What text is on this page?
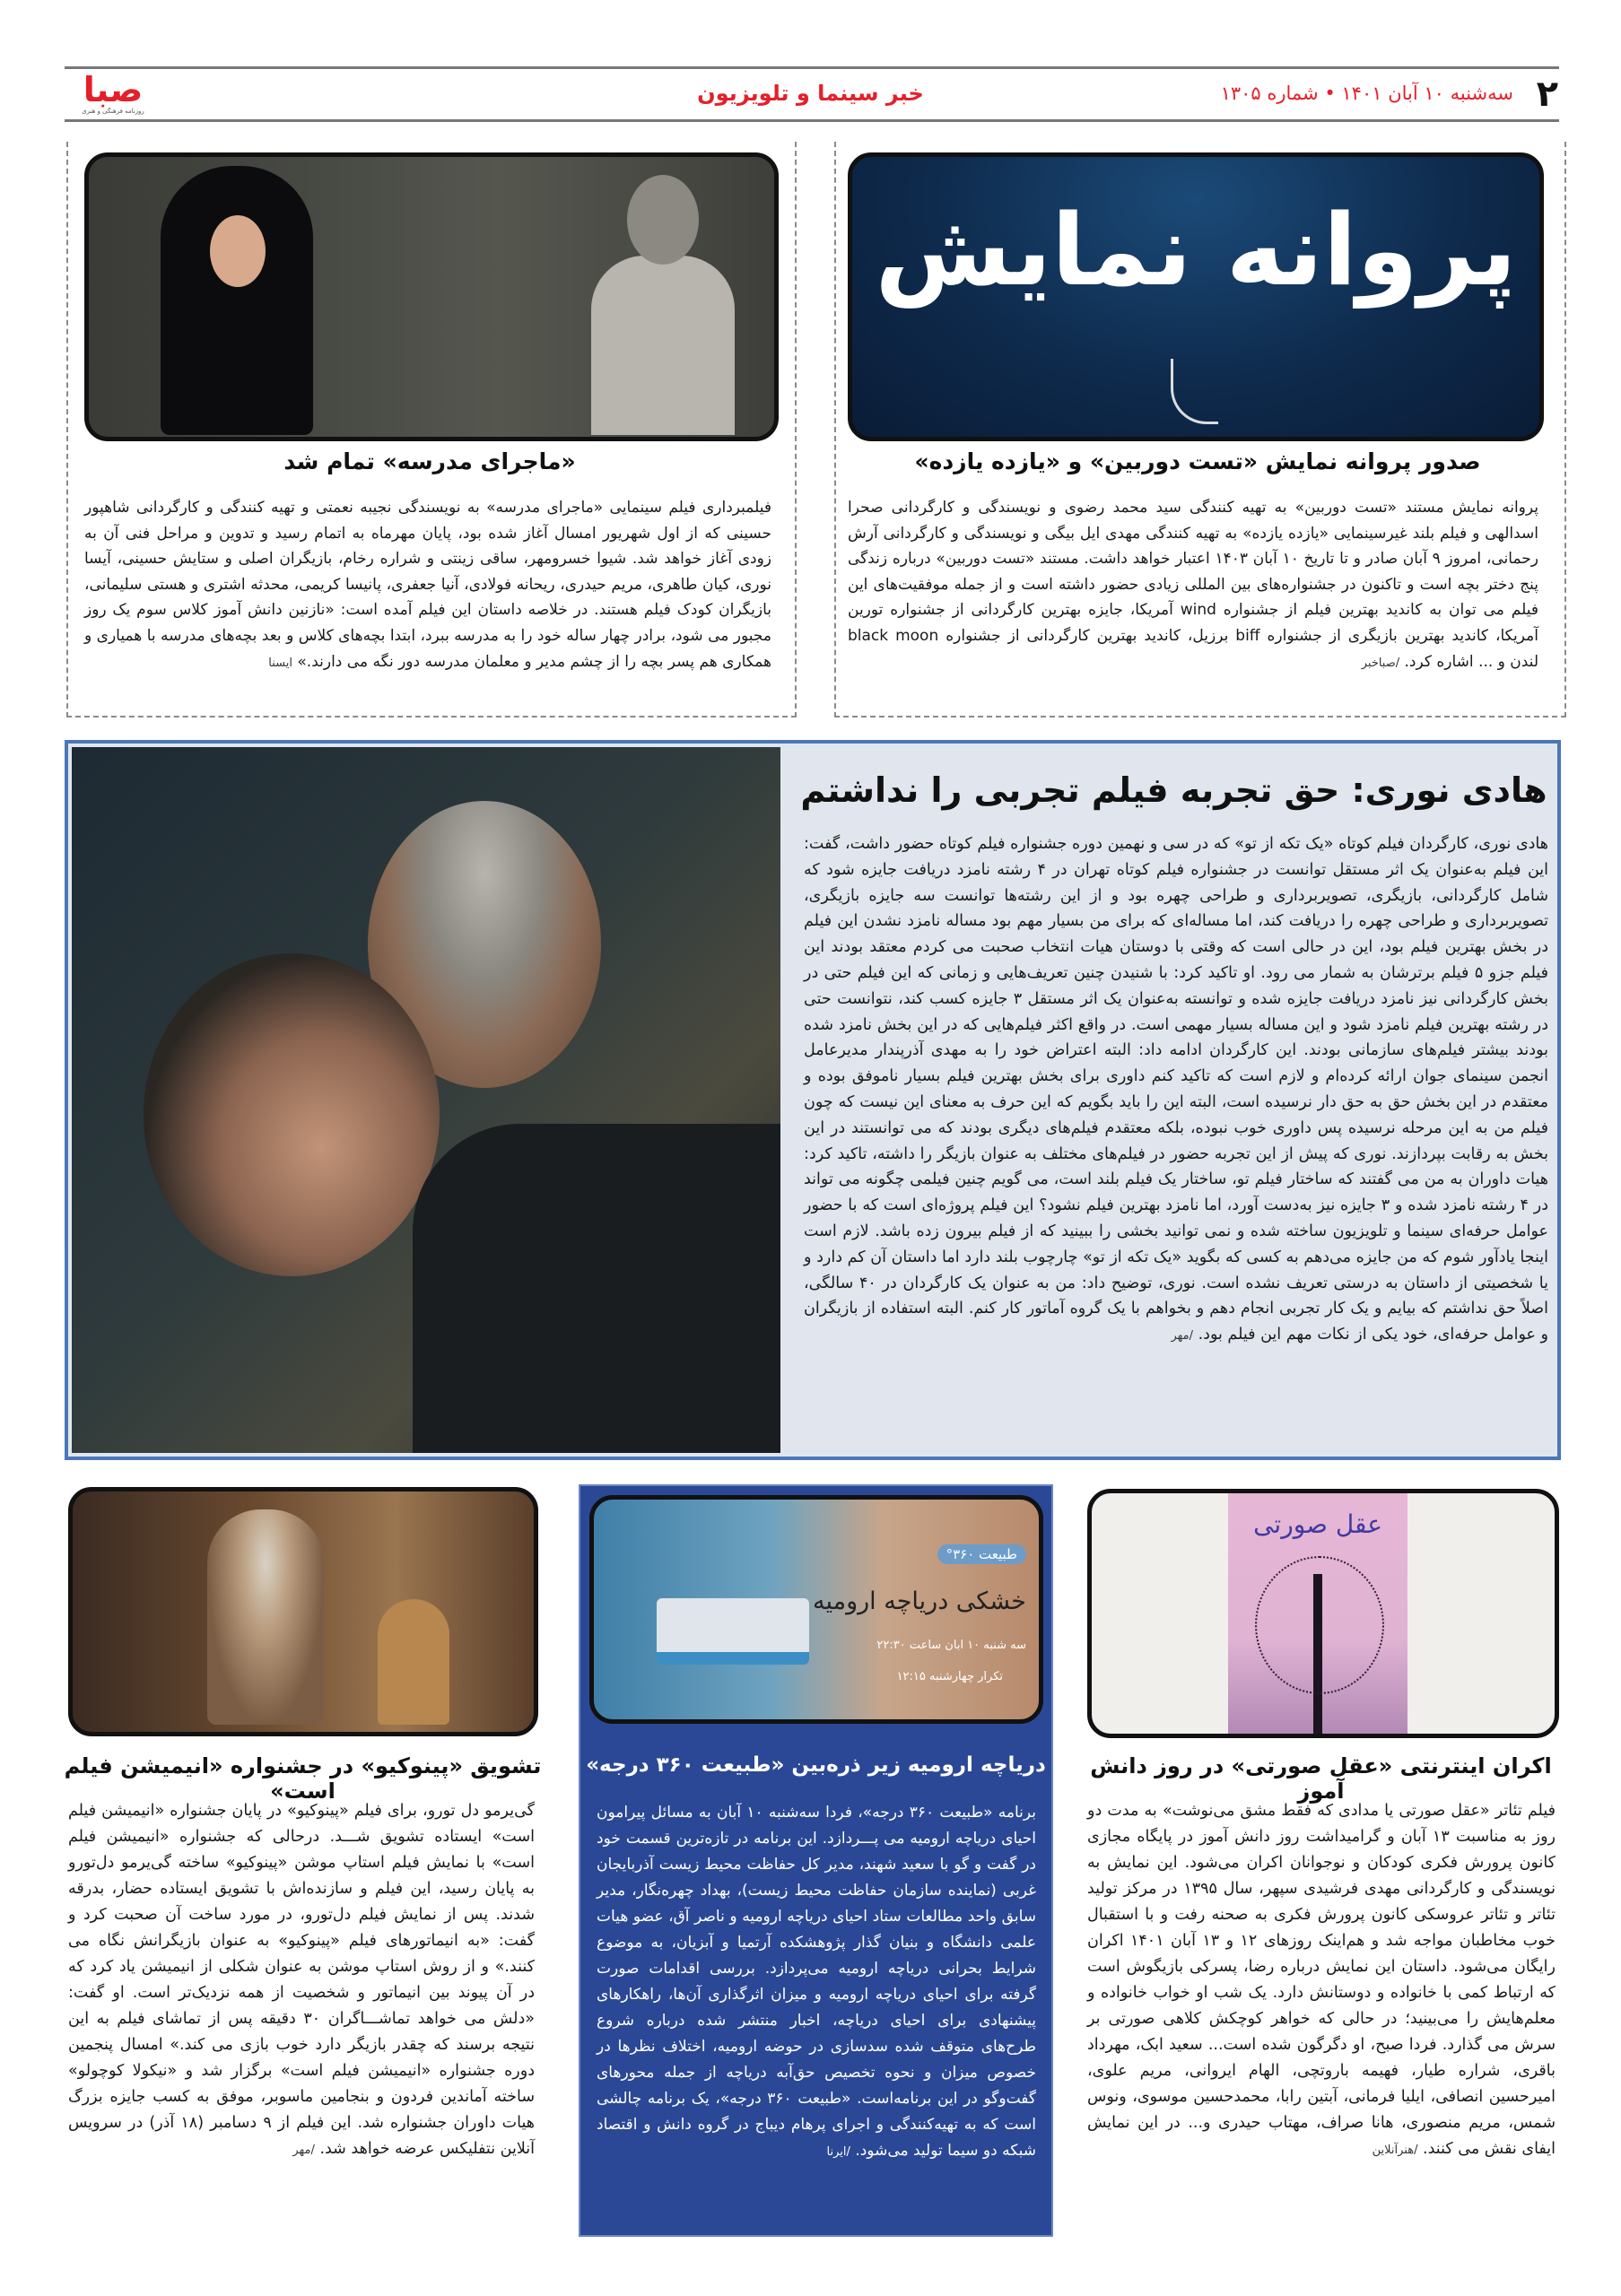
۲
سه‌شنبه ۱۰ آبان ۱۴۰۱ • شماره ۱۳۰۵
خبر سینما و تلویزیون
صبا
روزنامه فرهنگی و هنری
پروانه نمایش
صدور پروانه نمایش «تست دوربین» و «یازده یازده»
پروانه نمایش مستند «تست دوربین» به تهیه کنندگی سید محمد رضوی و نویسندگی و کارگردانی صحرا اسدالهی و فیلم بلند غیرسینمایی «یازده یازده» به تهیه کنندگی مهدی ایل بیگی و نویسندگی و کارگردانی آرش رحمانی، امروز ۹ آبان صادر و تا تاریخ ۱۰ آبان ۱۴۰۳ اعتبار خواهد داشت. مستند «تست دوربین» درباره زندگی پنج دختر بچه است و تاکنون در جشنواره‌های بین المللی زیادی حضور داشته است و از جمله موفقیت‌های این فیلم می توان به کاندید بهترین فیلم از جشنواره wind آمریکا، جایزه بهترین کارگردانی از جشنواره تورین آمریکا، کاندید بهترین بازیگری از جشنواره biff برزیل، کاندید بهترین کارگردانی از جشنواره black moon لندن و ... اشاره کرد. /صباخبر
«ماجرای مدرسه» تمام شد
فیلمبرداری فیلم سینمایی «ماجرای مدرسه» به نویسندگی نجیبه نعمتی و تهیه کنندگی و کارگردانی شاهپور حسینی که از اول شهریور امسال آغاز شده بود، پایان مهرماه به اتمام رسید و تدوین و مراحل فنی آن به زودی آغاز خواهد شد. شیوا خسرومهر، ساقی زینتی و شراره رخام، بازیگران اصلی و ستایش حسینی، آیسا نوری، کیان طاهری، مریم حیدری، ریحانه فولادی، آنیا جعفری، پانیسا کریمی، محدثه اشتری و هستی سلیمانی، بازیگران کودک فیلم هستند. در خلاصه داستان این فیلم آمده است: «نازنین دانش آموز کلاس سوم یک روز مجبور می شود، برادر چهار ساله خود را به مدرسه ببرد، ابتدا بچه‌های کلاس و بعد بچه‌های مدرسه با همیاری و همکاری هم پسر بچه را از چشم مدیر و معلمان مدرسه دور نگه می دارند.» ایسنا
هادی نوری: حق تجربه فیلم تجربی را نداشتم
هادی نوری، کارگردان فیلم کوتاه «یک تکه از تو» که در سی و نهمین دوره جشنواره فیلم کوتاه حضور داشت، گفت: این فیلم به‌عنوان یک اثر مستقل توانست در جشنواره فیلم کوتاه تهران در ۴ رشته نامزد دریافت جایزه شود که شامل کارگردانی، بازیگری، تصویربرداری و طراحی چهره بود و از این رشته‌ها توانست سه جایزه بازیگری، تصویربرداری و طراحی چهره را دریافت کند، اما مساله‌ای که برای من بسیار مهم بود مساله نامزد نشدن این فیلم در بخش بهترین فیلم بود، این در حالی است که وقتی با دوستان هیات انتخاب صحبت می کردم معتقد بودند این فیلم جزو ۵ فیلم برترشان به شمار می رود. او تاکید کرد: با شنیدن چنین تعریف‌هایی و زمانی که این فیلم حتی در بخش کارگردانی نیز نامزد دریافت جایزه شده و توانسته به‌عنوان یک اثر مستقل ۳ جایزه کسب کند، نتوانست حتی در رشته بهترین فیلم نامزد شود و این مساله بسیار مهمی است. در واقع اکثر فیلم‌هایی که در این بخش نامزد شده بودند بیشتر فیلم‌های سازمانی بودند. این کارگردان ادامه داد: البته اعتراض خود را به مهدی آذرپندار مدیرعامل انجمن سینمای جوان ارائه کرده‌ام و لازم است که تاکید کنم داوری برای بخش بهترین فیلم بسیار ناموفق بوده و معتقدم در این بخش حق به حق دار نرسیده‌ است، البته این را باید بگویم که این حرف به معنای این نیست که چون فیلم من به این مرحله نرسیده پس داوری خوب نبوده، بلکه معتقدم فیلم‌های دیگری بودند که می توانستند در این بخش به رقابت بپردازند. نوری که پیش از این تجربه حضور در فیلم‌های مختلف به عنوان بازیگر را داشته، تاکید کرد: هیات داوران به من می گفتند که ساختار فیلم تو، ساختار یک فیلم بلند است، می گویم چنین فیلمی چگونه می تواند در ۴ رشته نامزد شده و ۳ جایزه نیز به‌دست آورد، اما نامزد بهترین فیلم نشود؟ این فیلم پروژه‌ای است که با حضور عوامل حرفه‌ای سینما و تلویزیون ساخته شده و نمی توانید بخشی را ببینید که از فیلم بیرون زده باشد. لازم است اینجا یادآور شوم که من جایزه می‌دهم به کسی که بگوید «یک تکه از تو» چارچوب بلند دارد اما داستان آن کم دارد و یا شخصیتی از داستان به درستی تعریف نشده است. نوری، توضیح داد: من به عنوان یک کارگردان در ۴۰ سالگی، اصلاً حق نداشتم که بیایم و یک کار تجربی انجام دهم و بخواهم با یک گروه آماتور کار کنم. البته استفاده از بازیگران و عوامل حرفه‌ای، خود یکی از نکات مهم این فیلم بود. /مهر
عقل صورتی
اکران اینترنتی «عقل صورتی» در روز دانش آموز
فیلم تئاتر «عقل صورتی یا مدادی که فقط مشق می‌نوشت» به مدت دو روز به مناسبت ۱۳ آبان و گرامیداشت روز دانش آموز در پایگاه مجازی کانون پرورش فکری کودکان و نوجوانان اکران می‌شود. این نمایش به نویسندگی و کارگردانی مهدی فرشیدی سپهر، سال ۱۳۹۵ در مرکز تولید تئاتر و تئاتر عروسکی کانون پرورش فکری به صحنه رفت و با استقبال خوب مخاطبان مواجه شد و هم‌اینک روزهای ۱۲ و ۱۳ آبان ۱۴۰۱ اکران رایگان می‌شود. داستان این نمایش درباره رضا، پسرکی بازیگوش است که ارتباط کمی با خانواده و دوستانش دارد. یک شب او خواب خانواده و معلم‌هایش را می‌بینید؛ در حالی که خواهر کوچکش کلاهی صورتی بر سرش می گذارد. فردا صبح، او دگرگون شده است... سعید ابک، مهرداد باقری، شراره طیار، فهیمه باروتچی، الهام ایروانی، مریم علوی، امیرحسین انصافی، ایلیا فرمانی، آبتین رابا، محمدحسین موسوی، ونوس شمس، مریم منصوری، هانا صراف، مهتاب حیدری و... در این نمایش ایفای نقش می کنند. /هنرآنلاین
طبیعت ۳۶۰°
خشکی دریاچه ارومیه
سه شنبه ۱۰ ابان ساعت ۲۲:۳۰
تکرار چهارشنبه ۱۲:۱۵
دریاچه ارومیه زیر ذره‌بین «طبیعت ۳۶۰ درجه»
برنامه «طبیعت ۳۶۰ درجه»، فردا سه‌شنبه ۱۰ آبان به مسائل پیرامون احیای دریاچه ارومیه می پـــردازد. این برنامه در تازه‌ترین قسمت خود در گفت و گو با سعید شهند، مدیر کل حفاظت محیط زیست آذربایجان غربی (نماینده سازمان حفاظت محیط زیست)، بهداد چهره‌نگار، مدیر سابق واحد مطالعات ستاد احیای دریاچه ارومیه و ناصر آق، عضو هیات علمی دانشگاه و بنیان گذار پژوهشکده آرتمیا و آبزیان، به موضوع شرایط بحرانی دریاچه ارومیه می‌پردازد. بررسی اقدامات صورت گرفته برای احیای دریاچه ارومیه و میزان اثرگذاری آن‌ها، راهکارهای پیشنهادی برای احیای دریاچه، اخبار منتشر شده درباره شروع طرح‌های متوقف شده سدسازی در حوضه ارومیه، اختلاف نظرها در خصوص میزان و نحوه تخصیص حق‌آبه دریاچه از جمله محورهای گفت‌وگو در این برنامه‌است. «طبیعت ۳۶۰ درجه»، یک برنامه چالشی است که به تهیه‌کنندگی و اجرای پرهام دیباج در گروه دانش و اقتصاد شبکه دو سیما تولید می‌شود. /ایرنا
تشویق «پینوکیو» در جشنواره «انیمیشن فیلم است»
گی‌یرمو دل تورو، برای فیلم «پینوکیو» در پایان جشنواره «انیمیشن فیلم است» ایستاده تشویق شـــد. درحالی که جشنواره «انیمیشن فیلم است» با نمایش فیلم استاپ موشن «پینوکیو» ساخته گی‌یرمو دل‌تورو به پایان رسید، این فیلم و سازنده‌اش با تشویق ایستاده حضار، بدرقه شدند. پس از نمایش فیلم دل‌تورو، در مورد ساخت آن صحبت کرد و گفت: «به انیماتورهای فیلم «پینوکیو» به عنوان بازیگرانش نگاه می کنند.» و از روش استاپ موشن به عنوان شکلی از انیمیشن یاد کرد که در آن پیوند بین انیماتور و شخصیت از همه نزدیک‌تر است. او گفت: «دلش می خواهد تماشـــاگران ۳۰ دقیقه پس از تماشای فیلم به این نتیجه برسند که چقدر بازیگر دارد خوب بازی می کند.» امسال پنجمین دوره جشنواره «انیمیشن فیلم است» برگزار شد و «نیکولا کوچولو» ساخته آماندین فردون و بنجامین ماسوبر، موفق به کسب جایزه بزرگ هیات داوران جشنواره شد. این فیلم از ۹ دسامبر (۱۸ آذر) در سرویس آنلاین نتفلیکس عرضه خواهد شد. /مهر
